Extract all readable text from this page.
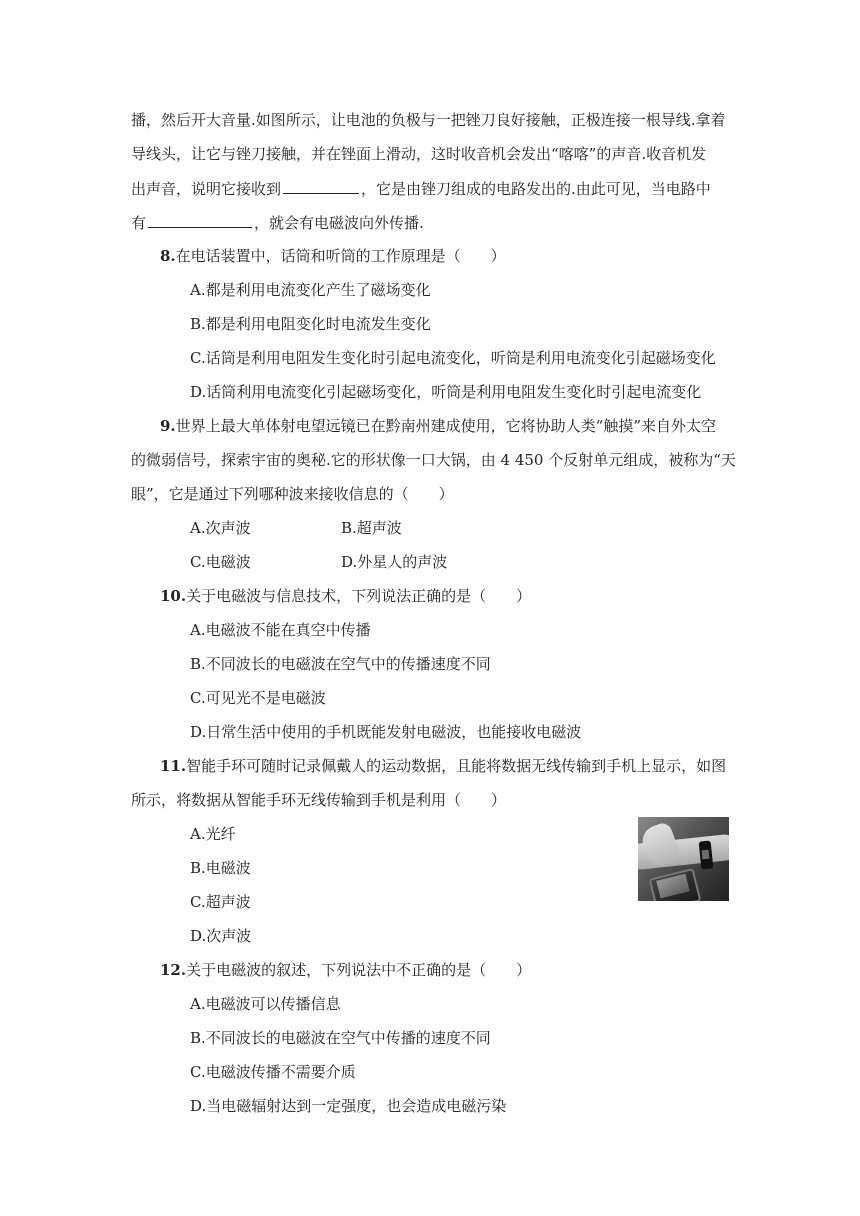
播，然后开大音量.如图所示，让电池的负极与一把锉刀良好接触，正极连接一根导线.拿着
导线头，让它与锉刀接触，并在锉面上滑动，这时收音机会发出“喀喀”的声音.收音机发
出声音，说明它接收到	，它是由锉刀组成的电路发出的.由此可见，当电路中
有	，就会有电磁波向外传播.
8.在电话装置中，话筒和听筒的工作原理是（　　）
A.都是利用电流变化产生了磁场变化
B.都是利用电阻变化时电流发生变化
C.话筒是利用电阻发生变化时引起电流变化，听筒是利用电流变化引起磁场变化
D.话筒利用电流变化引起磁场变化，听筒是利用电阻发生变化时引起电流变化
9.世界上最大单体射电望远镜已在黔南州建成使用，它将协助人类“触摸”来自外太空
的微弱信号，探索宇宙的奥秘.它的形状像一口大锅，由 4 450 个反射单元组成，被称为“天
眼”，它是通过下列哪种波来接收信息的（　　）
A.次声波	B.超声波
C.电磁波	D.外星人的声波
10.关于电磁波与信息技术，下列说法正确的是（　　）
A.电磁波不能在真空中传播
B.不同波长的电磁波在空气中的传播速度不同
C.可见光不是电磁波
D.日常生活中使用的手机既能发射电磁波，也能接收电磁波
11.智能手环可随时记录佩戴人的运动数据，且能将数据无线传输到手机上显示，如图
所示，将数据从智能手环无线传输到手机是利用（　　）
A.光纤
B.电磁波
C.超声波
D.次声波
12.关于电磁波的叙述，下列说法中不正确的是（　　）
A.电磁波可以传播信息
B.不同波长的电磁波在空气中传播的速度不同
C.电磁波传播不需要介质
D.当电磁辐射达到一定强度，也会造成电磁污染
